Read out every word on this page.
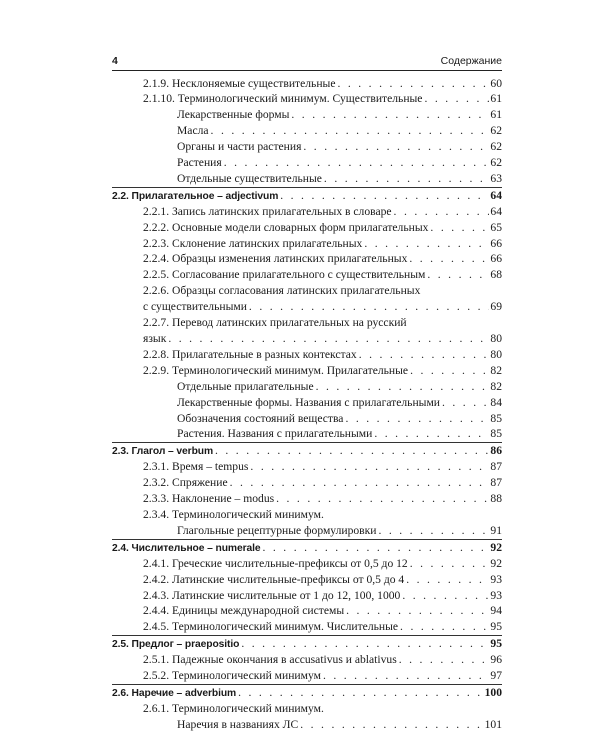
4	Содержание
2.1.9. Несклоняемые существительные . . .	60
2.1.10. Терминологический минимум. Существительные . . .	61
Лекарственные формы . . .	61
Масла . . .	62
Органы и части растения . . .	62
Растения . . .	62
Отдельные существительные . . .	63
2.2. Прилагательное – adjectivum . . .	64
2.2.1. Запись латинских прилагательных в словаре . . .	64
2.2.2. Основные модели словарных форм прилагательных . . .	65
2.2.3. Склонение латинских прилагательных . . .	66
2.2.4. Образцы изменения латинских прилагательных . . .	66
2.2.5. Согласование прилагательного с существительным . . .	68
2.2.6. Образцы согласования латинских прилагательных
с существительными . . .	69
2.2.7. Перевод латинских прилагательных на русский
язык . . .	80
2.2.8. Прилагательные в разных контекстах . . .	80
2.2.9. Терминологический минимум. Прилагательные . . .	82
Отдельные прилагательные . . .	82
Лекарственные формы. Названия с прилагательными . . .	84
Обозначения состояний вещества . . .	85
Растения. Названия с прилагательными . . .	85
2.3. Глагол – verbum . . .	86
2.3.1. Время – tempus . . .	87
2.3.2. Спряжение . . .	87
2.3.3. Наклонение – modus . . .	88
2.3.4. Терминологический минимум.
Глагольные рецептурные формулировки . . .	91
2.4. Числительное – numerale . . .	92
2.4.1. Греческие числительные-префиксы от 0,5 до 12 . . .	92
2.4.2. Латинские числительные-префиксы от 0,5 до 4 . . .	93
2.4.3. Латинские числительные от 1 до 12, 100, 1000 . . .	93
2.4.4. Единицы международной системы . . .	94
2.4.5. Терминологический минимум. Числительные . . .	95
2.5. Предлог – praepositio . . .	95
2.5.1. Падежные окончания в accusativus и ablativus . . .	96
2.5.2. Терминологический минимум . . .	97
2.6. Наречие – adverbium . . .	100
2.6.1. Терминологический минимум.
Наречия в названиях ЛС . . .	101
